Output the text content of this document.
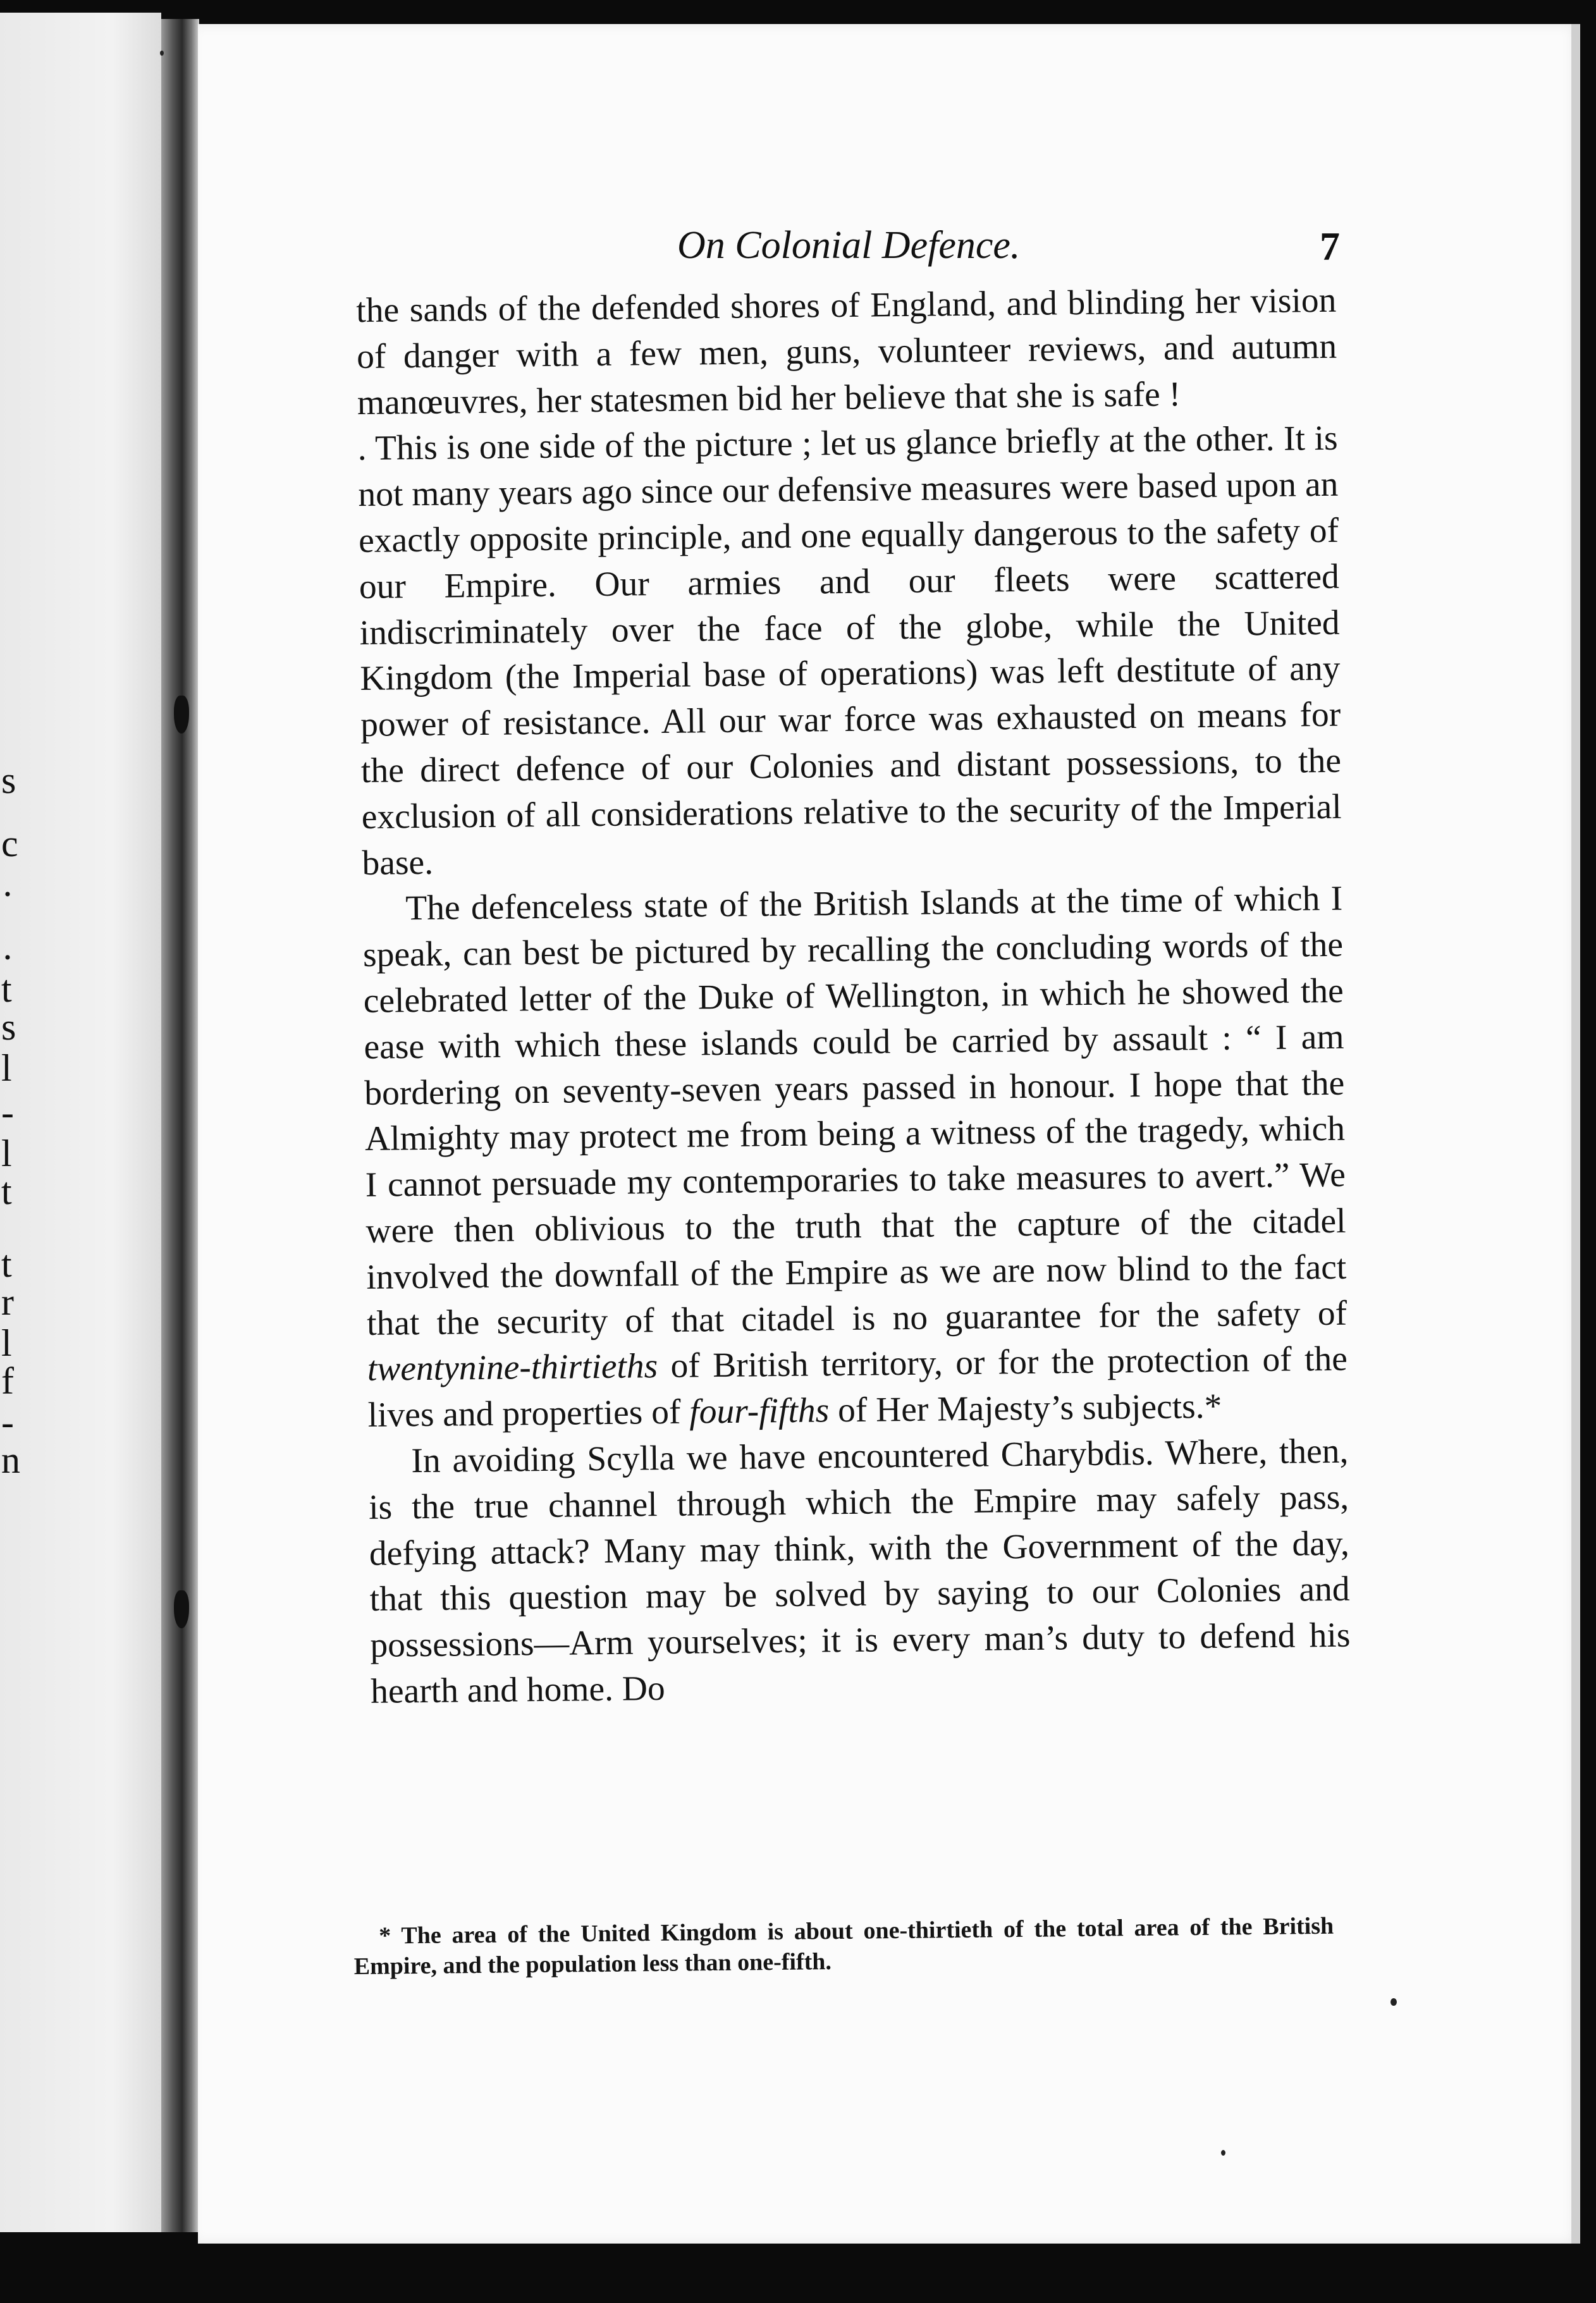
s
c
·
·
t
s
l
-
l
t
t
r
l
f
-
n
On Colonial Defence.	7

the sands of the defended shores of England, and blinding her vision of danger with a few men, guns, volunteer reviews, and autumn manœuvres, her statesmen bid her believe that she is safe !

. This is one side of the picture ; let us glance briefly at the other. It is not many years ago since our defensive measures were based upon an exactly opposite principle, and one equally dangerous to the safety of our Empire. Our armies and our fleets were scattered indiscriminately over the face of the globe, while the United Kingdom (the Imperial base of operations) was left destitute of any power of resistance. All our war force was exhausted on means for the direct defence of our Colonies and distant possessions, to the exclusion of all considerations relative to the security of the Imperial base.

The defenceless state of the British Islands at the time of which I speak, can best be pictured by recalling the concluding words of the celebrated letter of the Duke of Wellington, in which he showed the ease with which these islands could be carried by assault : “ I am bordering on seventy-seven years passed in honour. I hope that the Almighty may protect me from being a witness of the tragedy, which I cannot persuade my contemporaries to take measures to avert.” We were then oblivious to the truth that the capture of the citadel involved the downfall of the Empire as we are now blind to the fact that the security of that citadel is no guarantee for the safety of twentynine-thirtieths of British territory, or for the protection of the lives and properties of four-fifths of Her Majesty’s subjects.*

In avoiding Scylla we have encountered Charybdis. Where, then, is the true channel through which the Empire may safely pass, defying attack? Many may think, with the Government of the day, that this question may be solved by saying to our Colonies and possessions—Arm yourselves; it is every man’s duty to defend his hearth and home. Do

* The area of the United Kingdom is about one-thirtieth of the total area of the British Empire, and the population less than one-fifth.
